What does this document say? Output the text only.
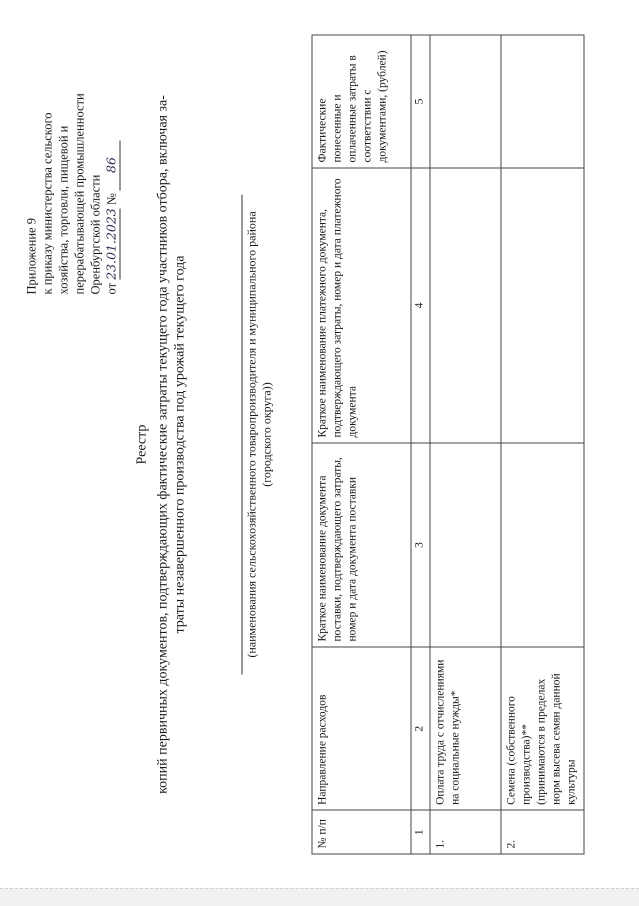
Приложение 9 к приказу министерства сельского хозяйства, торговли, пищевой и перерабатывающей промышленности Оренбургской области от 23.01.2023 № 86
Реестр копий первичных документов, подтверждающих фактические затраты текущего года участников отбора, включая за- траты незавершенного производства под урожай текущего года	(наименования сельскохозяйственного товаропроизводителя и муниципального района (городского округа))
№ п/п	Направление расходов	Краткое наименование документа поставки, подтверждающего затраты, номер и дата документа поставки	Краткое наименование платежного документа, подтверждающего затраты, номер и дата платежного документа	Фактические понесенные и оплаченные затраты в соответствии с документами, (рублей)
1	2	3	4	5
1.	Оплата труда с отчислениями на социальные нужды*			
2.	Семена (собственного производства)** (принимаются в пределах норм высева семян данной культуры			
